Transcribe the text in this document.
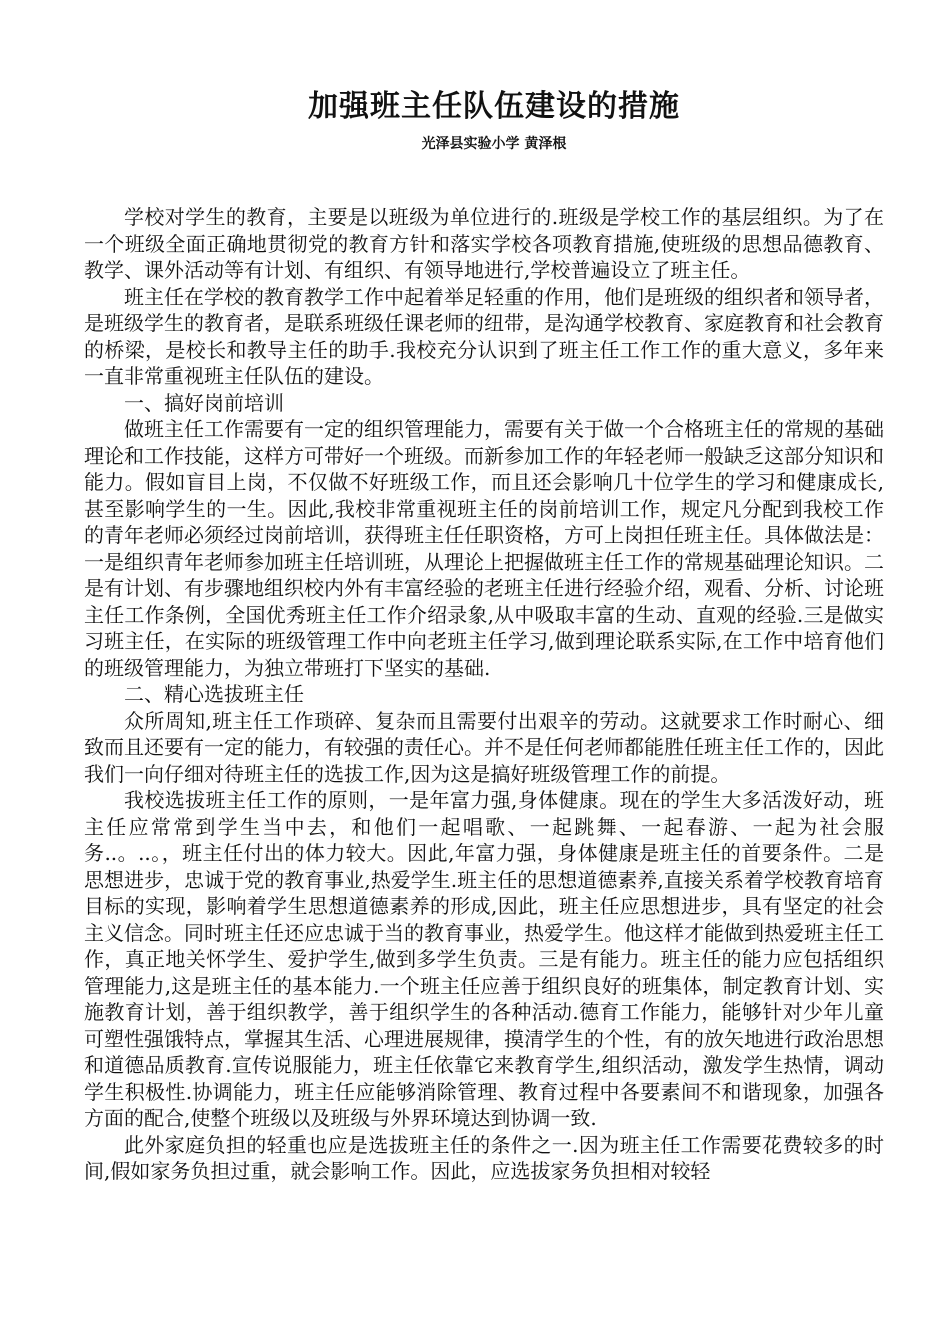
加强班主任队伍建设的措施
光泽县实验小学 黄泽根

学校对学生的教育，主要是以班级为单位进行的.班级是学校工作的基层组织。为了在一个班级全面正确地贯彻党的教育方针和落实学校各项教育措施,使班级的思想品德教育、教学、课外活动等有计划、有组织、有领导地进行,学校普遍设立了班主任。

班主任在学校的教育教学工作中起着举足轻重的作用，他们是班级的组织者和领导者，是班级学生的教育者，是联系班级任课老师的纽带，是沟通学校教育、家庭教育和社会教育的桥梁，是校长和教导主任的助手.我校充分认识到了班主任工作工作的重大意义，多年来一直非常重视班主任队伍的建设。

一、搞好岗前培训

做班主任工作需要有一定的组织管理能力，需要有关于做一个合格班主任的常规的基础理论和工作技能，这样方可带好一个班级。而新参加工作的年轻老师一般缺乏这部分知识和能力。假如盲目上岗，不仅做不好班级工作，而且还会影响几十位学生的学习和健康成长,甚至影响学生的一生。因此,我校非常重视班主任的岗前培训工作，规定凡分配到我校工作的青年老师必须经过岗前培训，获得班主任任职资格，方可上岗担任班主任。具体做法是：一是组织青年老师参加班主任培训班，从理论上把握做班主任工作的常规基础理论知识。二是有计划、有步骤地组织校内外有丰富经验的老班主任进行经验介绍，观看、分析、讨论班主任工作条例，全国优秀班主任工作介绍录象,从中吸取丰富的生动、直观的经验.三是做实习班主任，在实际的班级管理工作中向老班主任学习,做到理论联系实际,在工作中培育他们的班级管理能力，为独立带班打下坚实的基础.

二、精心选拔班主任

众所周知,班主任工作琐碎、复杂而且需要付出艰辛的劳动。这就要求工作时耐心、细致而且还要有一定的能力，有较强的责任心。并不是任何老师都能胜任班主任工作的，因此我们一向仔细对待班主任的选拔工作,因为这是搞好班级管理工作的前提。

我校选拔班主任工作的原则，一是年富力强,身体健康。现在的学生大多活泼好动，班主任应常常到学生当中去，和他们一起唱歌、一起跳舞、一起春游、一起为社会服务..。..。，班主任付出的体力较大。因此,年富力强，身体健康是班主任的首要条件。二是思想进步，忠诚于党的教育事业,热爱学生.班主任的思想道德素养,直接关系着学校教育培育目标的实现，影响着学生思想道德素养的形成,因此，班主任应思想进步，具有坚定的社会主义信念。同时班主任还应忠诚于当的教育事业，热爱学生。他这样才能做到热爱班主任工作，真正地关怀学生、爱护学生,做到多学生负责。三是有能力。班主任的能力应包括组织管理能力,这是班主任的基本能力.一个班主任应善于组织良好的班集体，制定教育计划、实施教育计划，善于组织教学，善于组织学生的各种活动.德育工作能力，能够针对少年儿童可塑性强饿特点，掌握其生活、心理进展规律，摸清学生的个性，有的放矢地进行政治思想和道德品质教育.宣传说服能力，班主任依靠它来教育学生,组织活动，激发学生热情，调动学生积极性.协调能力，班主任应能够消除管理、教育过程中各要素间不和谐现象，加强各方面的配合,使整个班级以及班级与外界环境达到协调一致.

此外家庭负担的轻重也应是选拔班主任的条件之一.因为班主任工作需要花费较多的时间,假如家务负担过重，就会影响工作。因此，应选拔家务负担相对较轻
